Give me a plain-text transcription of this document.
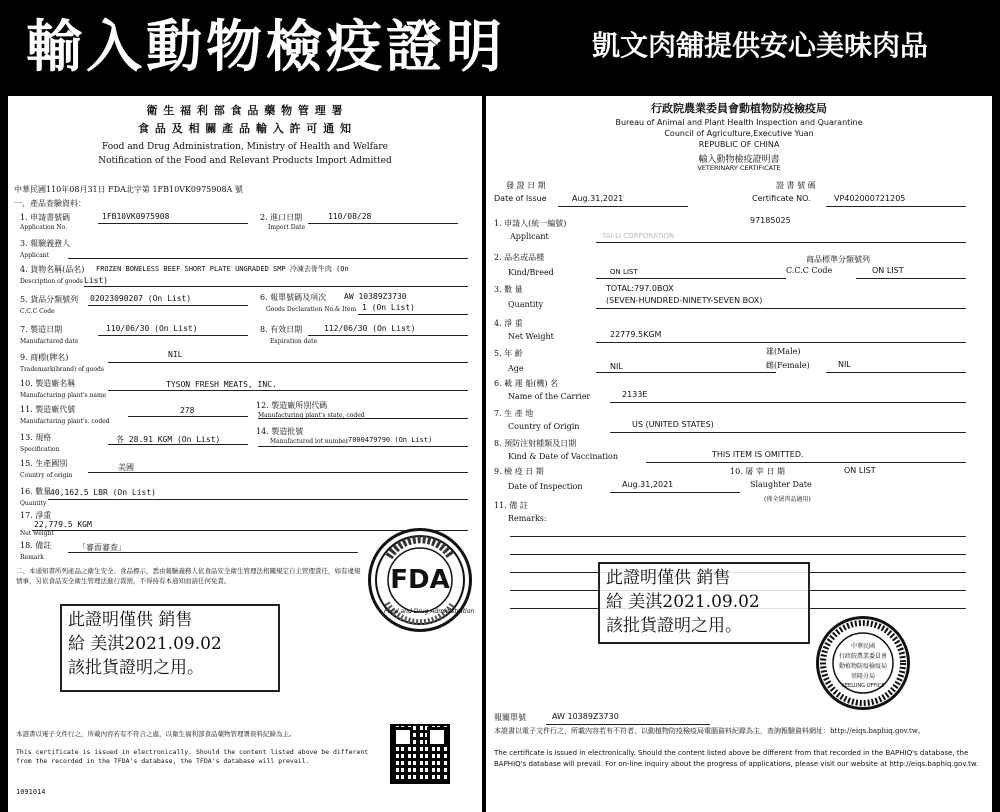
輸入動物檢疫證明	凱文肉舖提供安心美味肉品
衛 生 福 利 部 食 品 藥 物 管 理 署
食 品 及 相 關 產 品 輸 入 許 可 通 知
Food and Drug Administration, Ministry of Health and Welfare
Notification of the Food and Relevant Products Import Admitted
中華民國110年08月31日 FDA北字第 1FB10VK0975908A 號
一、產品查驗資料：
1. 申請書號碼	1FB10VK0975908
Application No.
2. 進口日期	110/08/28
Import Date
3. 報驗義務人
Applicant
4. 貨物名稱(品名) FROZEN BONELESS BEEF SHORT PLATE UNGRADED SMP 冷凍去骨牛肉 (On
Description of goods List)
5. 貨品分類號列 02023090207 (On List)
C.C.C Code
6. 報單號碼及項次 AW 10389Z3730
Goods Declaration No.& Item 1 (On List)
7. 製造日期	110/06/30 (On List)
Manufactured date
8. 有效日期	112/06/30 (On List)
Expiration date
9. 商標(牌名)	NIL
Trademark(brand) of goods
10. 製造廠名稱	TYSON FRESH MEATS, INC.
Manufacturing plant's name
11. 製造廠代號	278
Manufacturing plant's. coded
12. 製造廠所別代碼
Manufacturing plant's state, coded
13. 規格	各 28.91 KGM (On List)
Specification
14. 製造批號
7000479790 (On List)
Manufactured lot number
15. 生產國別	美國
Country of origin
16. 數量
40,162.5 LBR (On List)
Quantity
17. 淨重
22,779.5 KGM
Net weight
18. 備註	「審面審查」
Remark
二、本通知書所列產品之衛生安全、食品標示，悉由報驗義務人依食品安全衛生管理法相關規定自主管理責任，如有違規情事，另依食品安全衛生管理法進行裁罰，不得持有本通知而請任何免責。	FDA
Food and Drug Administration
此證明僅供 銷售
給 美淇2021.09.02
該批貨證明之用。
本證書以電子文件行之，所載內容若有不符合之處，以衛生福利部食品藥物管理署資料紀錄為主。
This certificate is issued in electronically. Should the content listed above be different from the recorded in the TFDA's database, the TFDA's database will prevail.
1091014
行政院農業委員會動植物防疫檢疫局
Bureau of Animal and Plant Health Inspection and Quarantine
Council of Agriculture,Executive Yuan
REPUBLIC OF CHINA
輸入動物檢疫證明書
VETERINARY CERTIFICATE
發 證 日 期
Date of Issue	Aug.31,2021
證 書 號 碼
Certificate NO.	VP402000721205
1. 申請人(統一編號)	97185025
Applicant	TAI-LI CORPORATION
2. 品名或品種
Kind/Breed	ON LIST
商品標準分類號列
C.C.C Code	ON LIST
3. 數 量	TOTAL:797.0BOX
Quantity	(SEVEN-HUNDRED-NINETY-SEVEN BOX)
4. 淨 重
Net Weight	22779.5KGM
5. 年 齡
Age	NIL
雄(Male)
雌(Female)	NIL
6. 載 運 船(機) 名
Name of the Carrier	2133E
7. 生 產 地
Country of Origin	US (UNITED STATES)
8. 預防注射種類及日期
Kind & Date of Vaccination	THIS ITEM IS OMITTED.
9. 檢 疫 日 期
Date of Inspection	Aug.31,2021
10. 屠 宰 日 期	ON LIST
Slaughter Date
(僅全屠肉品適用)
11. 備 註
Remarks:
此證明僅供 銷售
給 美淇2021.09.02
該批貨證明之用。
中華民國
行政院農業委員會
動植物防疫檢疫局
基隆分局
KEELUNG OFFICE
報關單號	AW 10389Z3730
本證書以電子文件行之，所載內容若有不符者，以動植物防疫檢疫局電腦資料紀錄為主，查詢報驗資料網址：http://eiqs.baphiq.gov.tw。
The certificate is issued in electronically. Should the content listed above be different from that recorded in the BAPHIQ's database, the BAPHIQ's database will prevail. For on-line inquiry about the progress of applications, please visit our website at http://eiqs.baphiq.gov.tw.
